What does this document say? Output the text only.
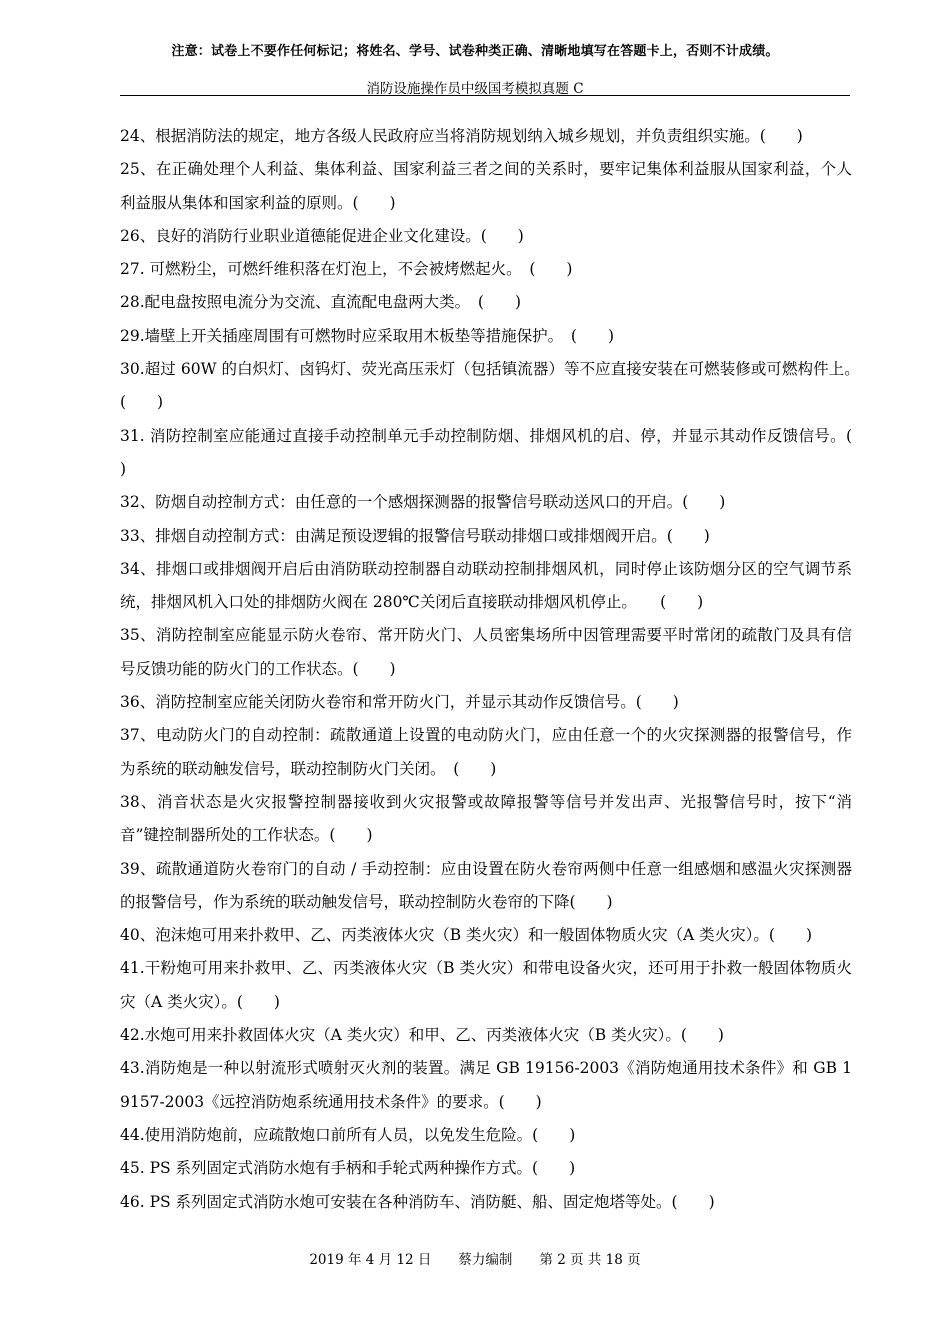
注意：试卷上不要作任何标记；将姓名、学号、试卷种类正确、清晰地填写在答题卡上，否则不计成绩。
消防设施操作员中级国考模拟真题 C

24、根据消防法的规定，地方各级人民政府应当将消防规划纳入城乡规划，并负责组织实施。(　　)

25、在正确处理个人利益、集体利益、国家利益三者之间的关系时，要牢记集体利益服从国家利益，个人利益服从集体和国家利益的原则。(　　)

26、良好的消防行业职业道德能促进企业文化建设。(　　)

27. 可燃粉尘，可燃纤维积落在灯泡上，不会被烤燃起火。　(　　)

28.配电盘按照电流分为交流、直流配电盘两大类。　(　　)

29.墙壁上开关插座周围有可燃物时应采取用木板垫等措施保护。　(　　)

30.超过 60W 的白炽灯、卤钨灯、荧光高压汞灯（包括镇流器）等不应直接安装在可燃装修或可燃构件上。　(　　)

31. 消防控制室应能通过直接手动控制单元手动控制防烟、排烟风机的启、停，并显示其动作反馈信号。(　　)

32、防烟自动控制方式：由任意的一个感烟探测器的报警信号联动送风口的开启。(　　)

33、排烟自动控制方式：由满足预设逻辑的报警信号联动排烟口或排烟阀开启。(　　)

34、排烟口或排烟阀开启后由消防联动控制器自动联动控制排烟风机，同时停止该防烟分区的空气调节系统，排烟风机入口处的排烟防火阀在 280℃关闭后直接联动排烟风机停止。　　(　　)

35、消防控制室应能显示防火卷帘、常开防火门、人员密集场所中因管理需要平时常闭的疏散门及具有信号反馈功能的防火门的工作状态。(　　)

36、消防控制室应能关闭防火卷帘和常开防火门，并显示其动作反馈信号。(　　)

37、电动防火门的自动控制：疏散通道上设置的电动防火门，应由任意一个的火灾探测器的报警信号，作为系统的联动触发信号，联动控制防火门关闭。　(　　)

38、消音状态是火灾报警控制器接收到火灾报警或故障报警等信号并发出声、光报警信号时，按下“消音”键控制器所处的工作状态。(　　)

39、疏散通道防火卷帘门的自动 / 手动控制：应由设置在防火卷帘两侧中任意一组感烟和感温火灾探测器的报警信号，作为系统的联动触发信号，联动控制防火卷帘的下降(　　)

40、泡沫炮可用来扑救甲、乙、丙类液体火灾（B 类火灾）和一般固体物质火灾（A 类火灾）。(　　)

41.干粉炮可用来扑救甲、乙、丙类液体火灾（B 类火灾）和带电设备火灾，还可用于扑救一般固体物质火灾（A 类火灾）。(　　)

42.水炮可用来扑救固体火灾（A 类火灾）和甲、乙、丙类液体火灾（B 类火灾）。(　　)

43.消防炮是一种以射流形式喷射灭火剂的装置。满足 GB 19156-2003《消防炮通用技术条件》和 GB 19157-2003《远控消防炮系统通用技术条件》的要求。(　　)

44.使用消防炮前，应疏散炮口前所有人员，以免发生危险。(　　)

45. PS 系列固定式消防水炮有手柄和手轮式两种操作方式。(　　)

46. PS 系列固定式消防水炮可安装在各种消防车、消防艇、船、固定炮塔等处。(　　)

2019 年 4 月 12 日　　蔡力编制　　第 2 页 共 18 页
